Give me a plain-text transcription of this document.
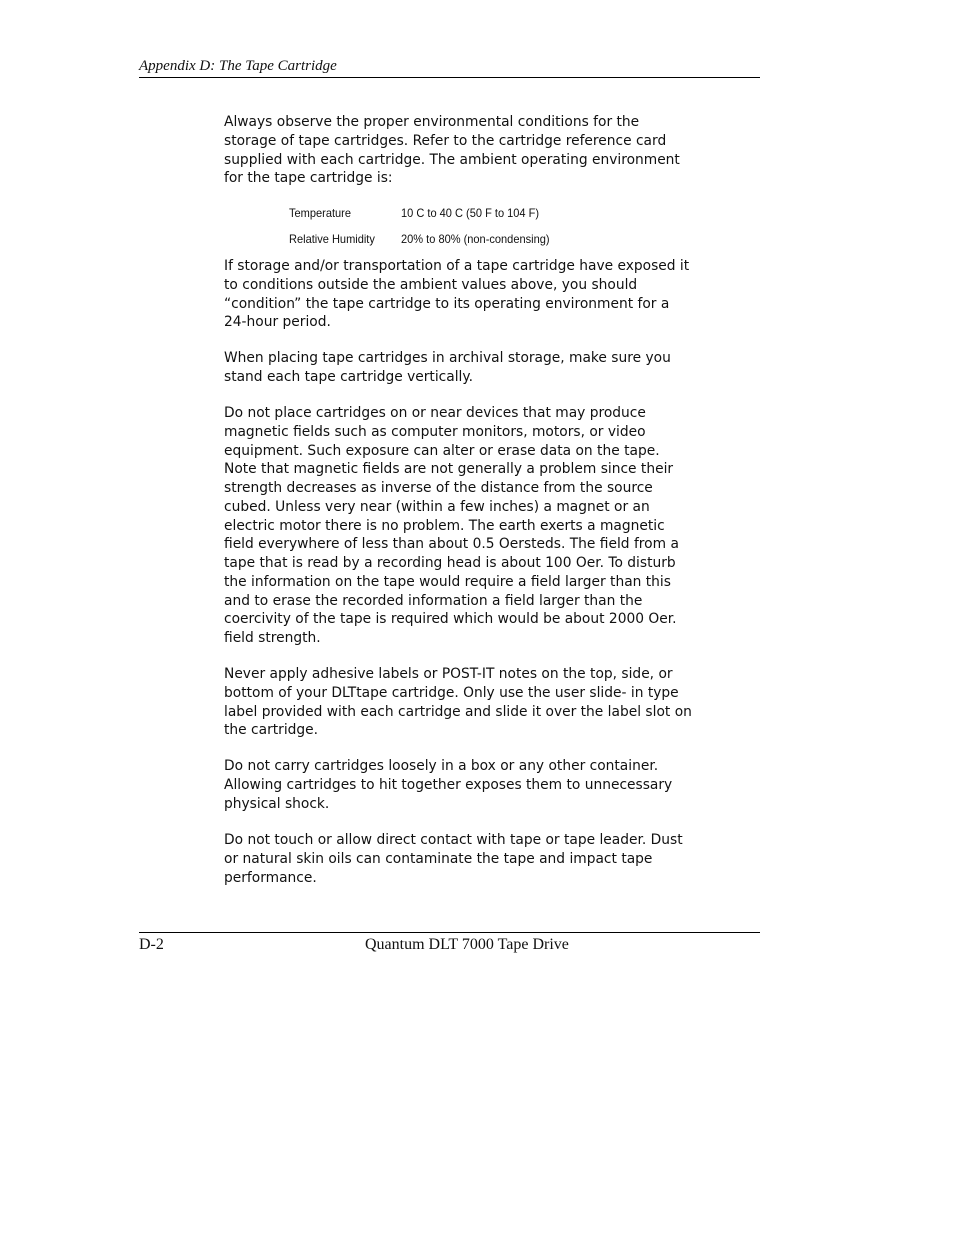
Appendix D: The Tape Cartridge

Always observe the proper environmental conditions for the
storage of tape cartridges. Refer to the cartridge reference card
supplied with each cartridge. The ambient operating environment
for the tape cartridge is:

Temperature	10 C to 40 C (50 F to 104 F)
Relative Humidity 20% to 80% (non-condensing)

If storage and/or transportation of a tape cartridge have exposed it
to conditions outside the ambient values above, you should
“condition” the tape cartridge to its operating environment for a
24-hour period.

When placing tape cartridges in archival storage, make sure you
stand each tape cartridge vertically.

Do not place cartridges on or near devices that may produce
magnetic fields such as computer monitors, motors, or video
equipment. Such exposure can alter or erase data on the tape.
Note that magnetic fields are not generally a problem since their
strength decreases as inverse of the distance from the source
cubed. Unless very near (within a few inches) a magnet or an
electric motor there is no problem. The earth exerts a magnetic
field everywhere of less than about 0.5 Oersteds. The field from a
tape that is read by a recording head is about 100 Oer. To disturb
the information on the tape would require a field larger than this
and to erase the recorded information a field larger than the
coercivity of the tape is required which would be about 2000 Oer.
field strength.

Never apply adhesive labels or POST-IT notes on the top, side, or
bottom of your DLTtape cartridge. Only use the user slide- in type
label provided with each cartridge and slide it over the label slot on
the cartridge.

Do not carry cartridges loosely in a box or any other container.
Allowing cartridges to hit together exposes them to unnecessary
physical shock.

Do not touch or allow direct contact with tape or tape leader. Dust
or natural skin oils can contaminate the tape and impact tape
performance.

D-2	Quantum DLT 7000 Tape Drive
